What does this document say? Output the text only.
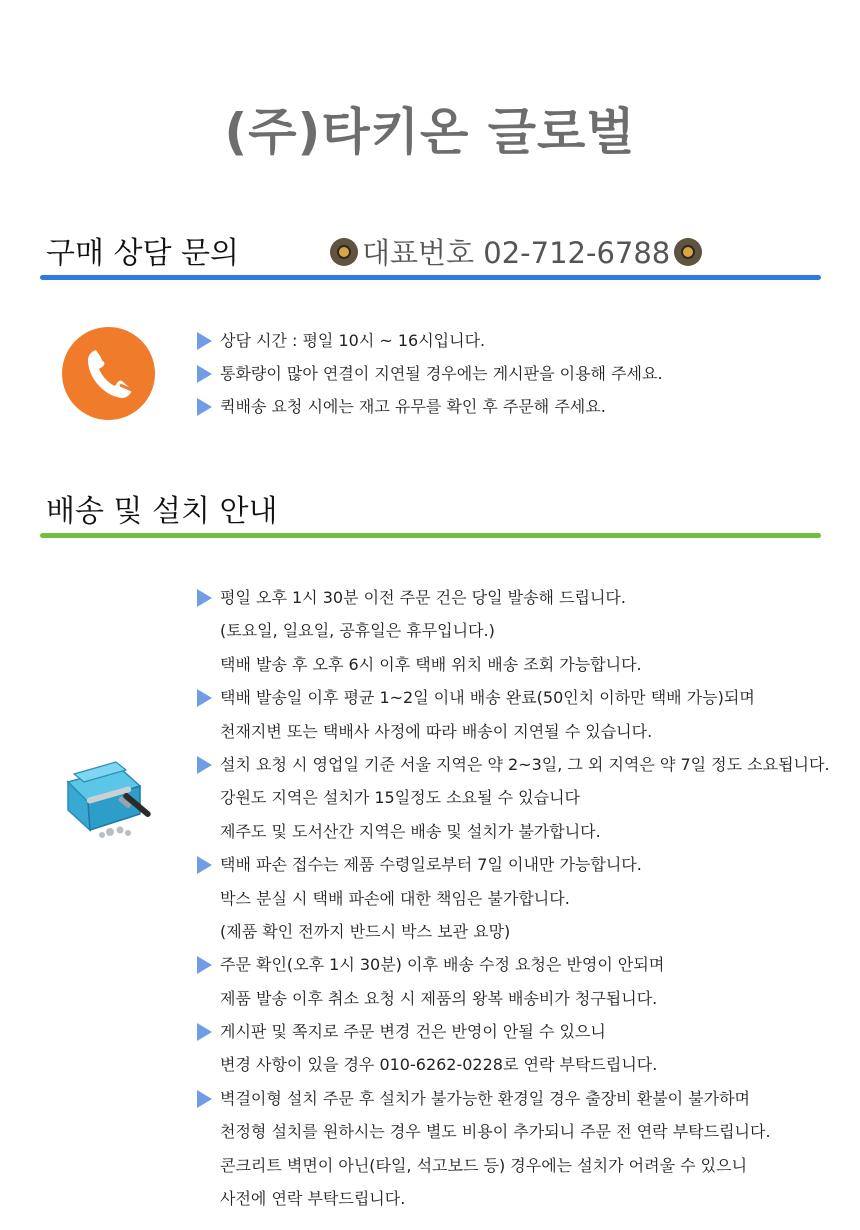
(주)타키온 글로벌
구매 상담 문의	대표번호 02-712-6788
상담 시간 : 평일 10시 ~ 16시입니다.
통화량이 많아 연결이 지연될 경우에는 게시판을 이용해 주세요.
퀵배송 요청 시에는 재고 유무를 확인 후 주문해 주세요.
배송 및 설치 안내
평일 오후 1시 30분 이전 주문 건은 당일 발송해 드립니다.
(토요일, 일요일, 공휴일은 휴무입니다.)
택배 발송 후 오후 6시 이후 택배 위치 배송 조회 가능합니다.
택배 발송일 이후 평균 1~2일 이내 배송 완료(50인치 이하만 택배 가능)되며
천재지변 또는 택배사 사정에 따라 배송이 지연될 수 있습니다.
설치 요청 시 영업일 기준 서울 지역은 약 2~3일, 그 외 지역은 약 7일 정도 소요됩니다.
강원도 지역은 설치가 15일정도 소요될 수 있습니다
제주도 및 도서산간 지역은 배송 및 설치가 불가합니다.
택배 파손 접수는 제품 수령일로부터 7일 이내만 가능합니다.
박스 분실 시 택배 파손에 대한 책임은 불가합니다.
(제품 확인 전까지 반드시 박스 보관 요망)
주문 확인(오후 1시 30분) 이후 배송 수정 요청은 반영이 안되며
제품 발송 이후 취소 요청 시 제품의 왕복 배송비가 청구됩니다.
게시판 및 쪽지로 주문 변경 건은 반영이 안될 수 있으니
변경 사항이 있을 경우 010-6262-0228로 연락 부탁드립니다.
벽걸이형 설치 주문 후 설치가 불가능한 환경일 경우 출장비 환불이 불가하며
천정형 설치를 원하시는 경우 별도 비용이 추가되니 주문 전 연락 부탁드립니다.
콘크리트 벽면이 아닌(타일, 석고보드 등) 경우에는 설치가 어려울 수 있으니
사전에 연락 부탁드립니다.
